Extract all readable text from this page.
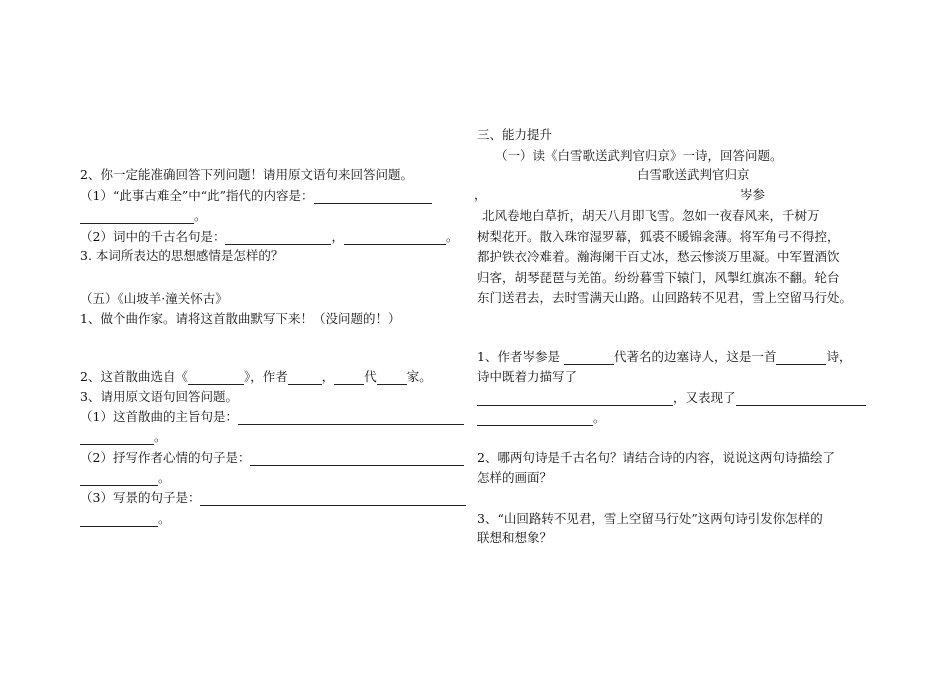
2、你一定能准确回答下列问题！请用原文语句来回答问题。
（1）“此事古难全”中“此”指代的内容是：
。
（2）词中的千古名句是：	，	。
3. 本词所表达的思想感情是怎样的？
（五）《山坡羊·潼关怀古》
1、做个曲作家。请将这首散曲默写下来！（没问题的！）
2、这首散曲选自《	》，作者	， 代 家。
3、请用原文语句回答问题。
（1）这首散曲的主旨句是：
。
（2）抒写作者心情的句子是：
。
（3）写景的句子是：
。
三、能力提升
（一）读《白雪歌送武判官归京》一诗，回答问题。
白雪歌送武判官归京
，	岑参
北风卷地白草折，胡天八月即飞雪。忽如一夜春风来，千树万
树梨花开。散入珠帘湿罗幕，狐裘不暖锦衾薄。将军角弓不得控，
都护铁衣冷难着。瀚海阑干百丈冰，愁云惨淡万里凝。中军置酒饮
归客，胡琴琵琶与羌笛。纷纷暮雪下辕门，风掣红旗冻不翻。轮台
东门送君去，去时雪满天山路。山回路转不见君，雪上空留马行处。
1、作者岑参是	代著名的边塞诗人，这是一首	诗，
诗中既着力描写了
，又表现了
。
2、哪两句诗是千古名句？请结合诗的内容，说说这两句诗描绘了
怎样的画面？
3、“山回路转不见君，雪上空留马行处”这两句诗引发你怎样的
联想和想象？
